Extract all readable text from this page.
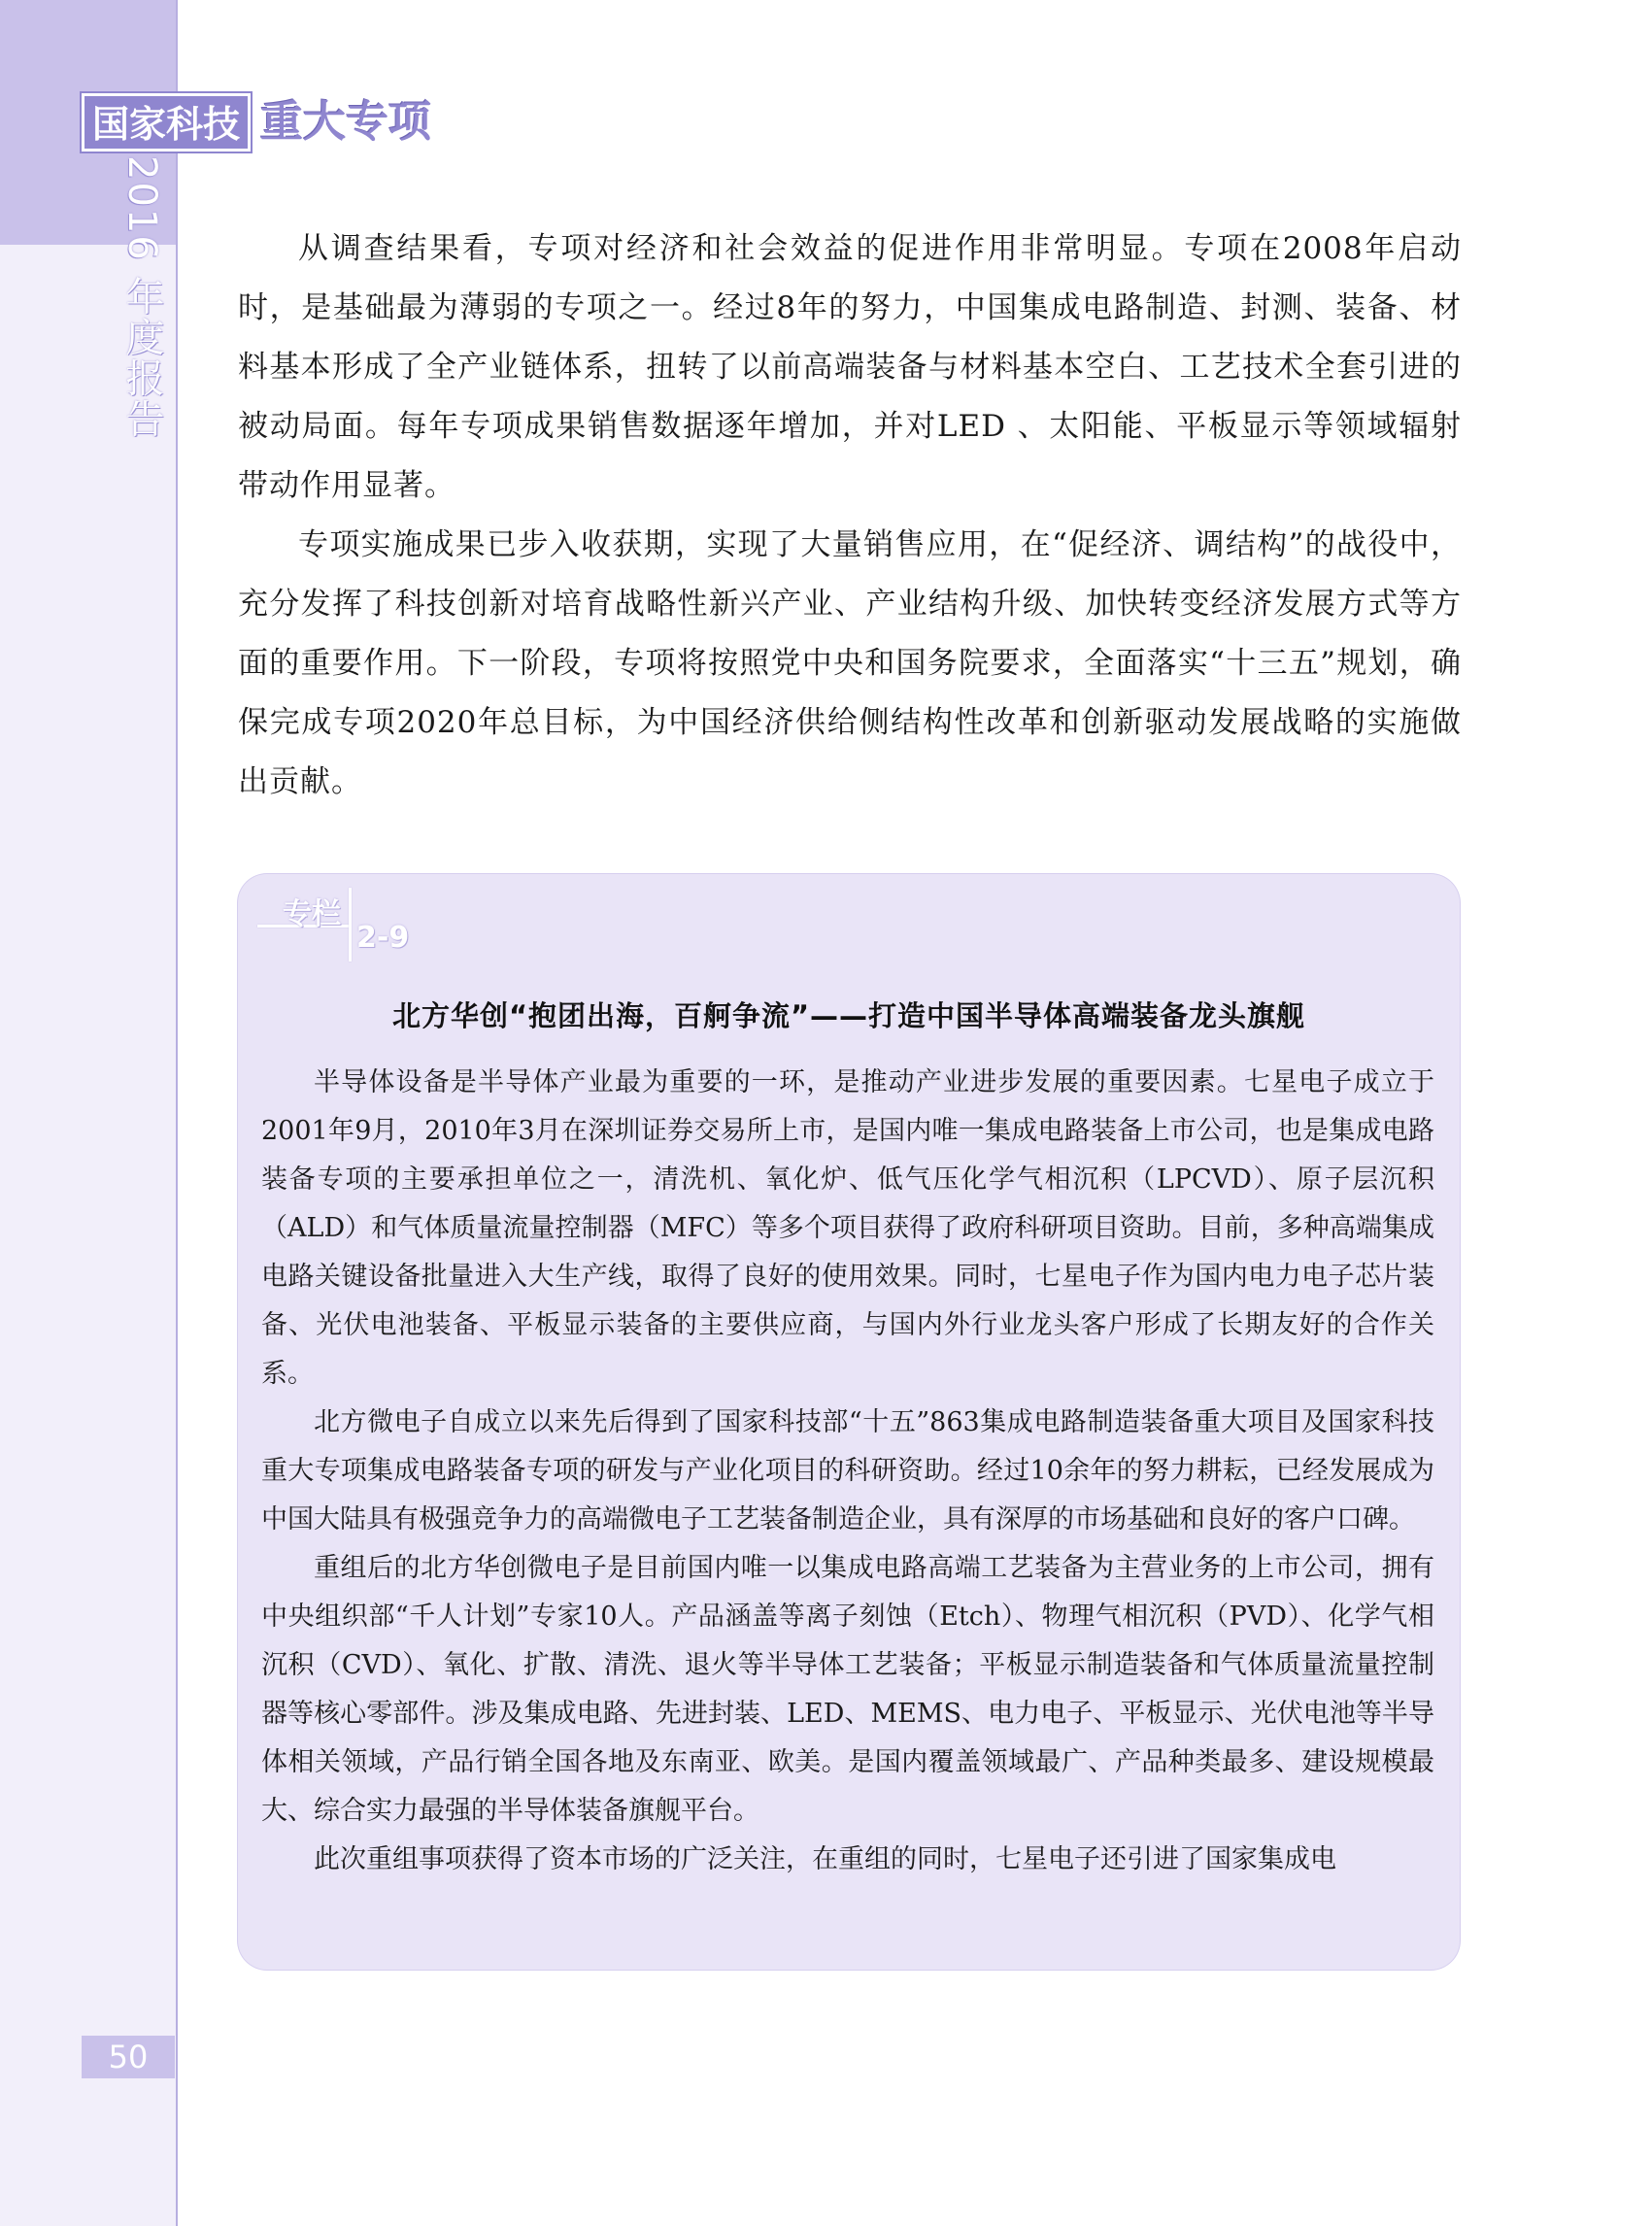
国家科技 重大专项
2016 年度报告	从调查结果看，专项对经济和社会效益的促进作用非常明显。专项在2008年启动时，是基础最为薄弱的专项之一。经过8年的努力，中国集成电路制造、封测、装备、材料基本形成了全产业链体系，扭转了以前高端装备与材料基本空白、工艺技术全套引进的被动局面。每年专项成果销售数据逐年增加，并对LED 、太阳能、平板显示等领域辐射带动作用显著。

专项实施成果已步入收获期，实现了大量销售应用，在“促经济、调结构”的战役中，充分发挥了科技创新对培育战略性新兴产业、产业结构升级、加快转变经济发展方式等方面的重要作用。下一阶段，专项将按照党中央和国务院要求，全面落实“十三五”规划，确保完成专项2020年总目标，为中国经济供给侧结构性改革和创新驱动发展战略的实施做出贡献。

专栏
2-9
北方华创“抱团出海，百舸争流”——打造中国半导体高端装备龙头旗舰

半导体设备是半导体产业最为重要的一环，是推动产业进步发展的重要因素。七星电子成立于2001年9月，2010年3月在深圳证券交易所上市，是国内唯一集成电路装备上市公司，也是集成电路装备专项的主要承担单位之一，清洗机、氧化炉、低气压化学气相沉积（LPCVD）、原子层沉积（ALD）和气体质量流量控制器（MFC）等多个项目获得了政府科研项目资助。目前，多种高端集成电路关键设备批量进入大生产线，取得了良好的使用效果。同时，七星电子作为国内电力电子芯片装备、光伏电池装备、平板显示装备的主要供应商，与国内外行业龙头客户形成了长期友好的合作关系。

北方微电子自成立以来先后得到了国家科技部“十五”863集成电路制造装备重大项目及国家科技重大专项集成电路装备专项的研发与产业化项目的科研资助。经过10余年的努力耕耘，已经发展成为中国大陆具有极强竞争力的高端微电子工艺装备制造企业，具有深厚的市场基础和良好的客户口碑。

重组后的北方华创微电子是目前国内唯一以集成电路高端工艺装备为主营业务的上市公司，拥有中央组织部“千人计划”专家10人。产品涵盖等离子刻蚀（Etch）、物理气相沉积（PVD）、化学气相沉积（CVD）、氧化、扩散、清洗、退火等半导体工艺装备；平板显示制造装备和气体质量流量控制器等核心零部件。涉及集成电路、先进封装、LED、MEMS、电力电子、平板显示、光伏电池等半导体相关领域，产品行销全国各地及东南亚、欧美。是国内覆盖领域最广、产品种类最多、建设规模最大、综合实力最强的半导体装备旗舰平台。

此次重组事项获得了资本市场的广泛关注，在重组的同时，七星电子还引进了国家集成电

50
